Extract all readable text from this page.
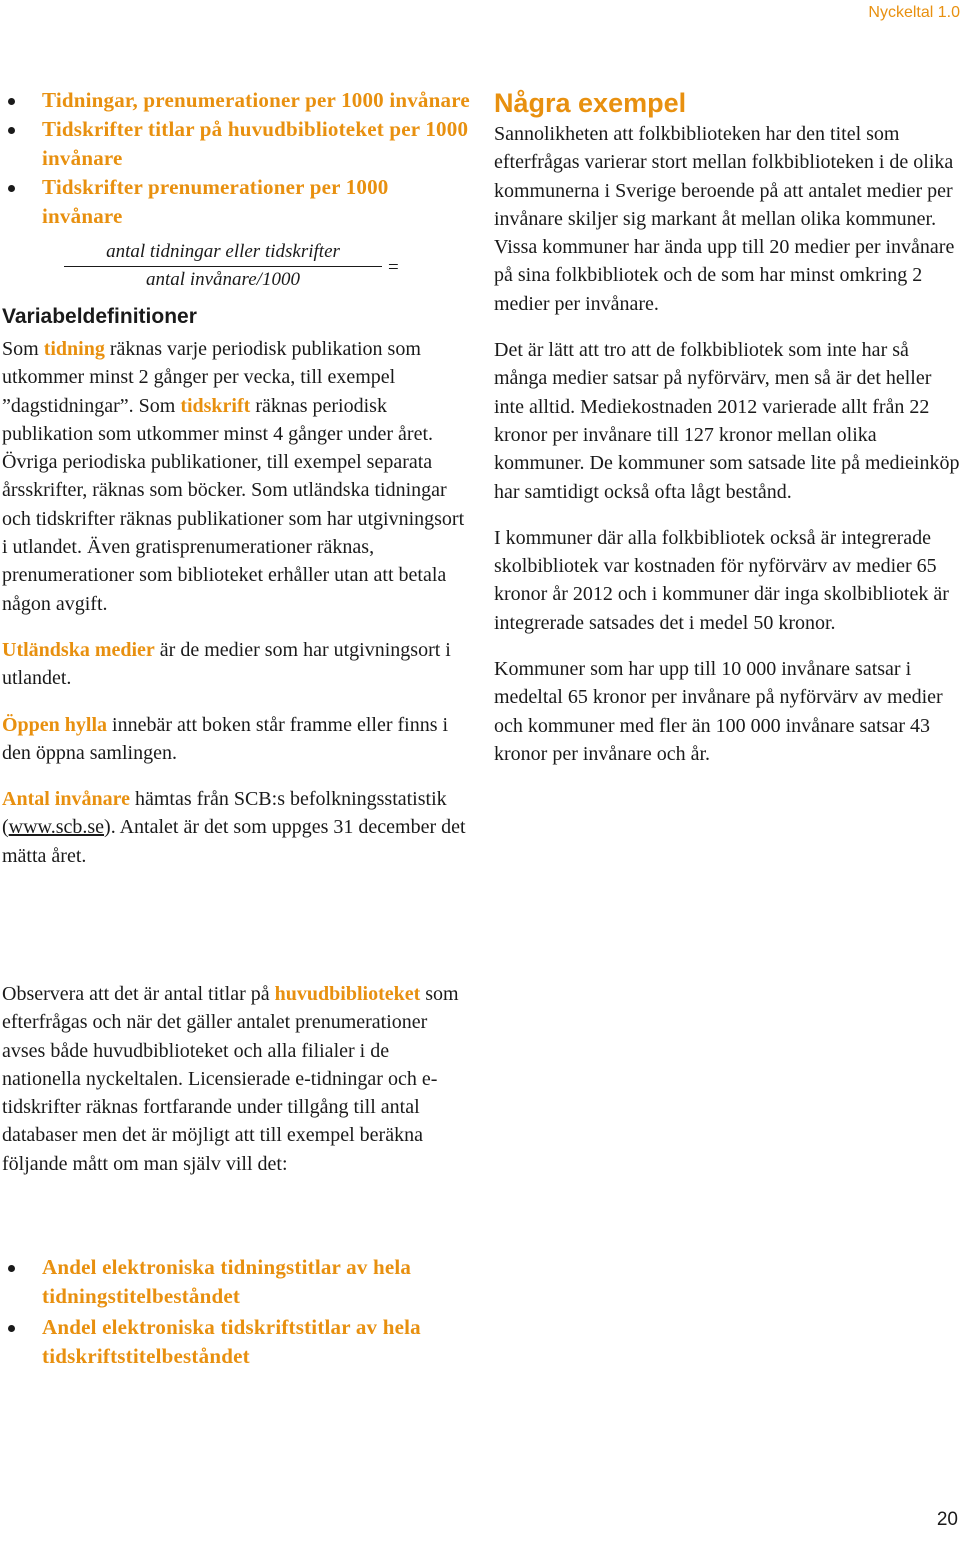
Nyckeltal 1.0
Tidningar, prenumerationer per 1000 invånare
Tidskrifter titlar på huvudbiblioteket per 1000 invånare
Tidskrifter prenumerationer per 1000 invånare
$\frac{\text{antal tidningar eller tidskrifter}}{\text{antal invånare/1000}}$ =
Variabeldefinitioner

Som tidning räknas varje periodisk publikation som utkommer minst 2 gånger per vecka, till exempel ”dagstidningar”. Som tidskrift räknas periodisk publikation som utkommer minst 4 gånger under året. Övriga periodiska publikationer, till exempel separata årsskrifter, räknas som böcker. Som utländska tidningar och tidskrifter räknas publikationer som har utgivningsort i utlandet. Även gratisprenumerationer räknas, prenumerationer som biblioteket erhåller utan att betala någon avgift.

Utländska medier är de medier som har utgivningsort i utlandet.

Öppen hylla innebär att boken står framme eller finns i den öppna samlingen.

Antal invånare hämtas från SCB:s befolkningsstatistik (www.scb.se). Antalet är det som uppges 31 december det mätta året.

Några exempel

Sannolikheten att folkbiblioteken har den titel som efterfrågas varierar stort mellan folkbiblioteken i de olika kommunerna i Sverige beroende på att antalet medier per invånare skiljer sig markant åt mellan olika kommuner. Vissa kommuner har ända upp till 20 medier per invånare på sina folkbibliotek och de som har minst omkring 2 medier per invånare.

Det är lätt att tro att de folkbibliotek som inte har så många medier satsar på nyförvärv, men så är det heller inte alltid. Mediekostnaden 2012 varierade allt från 22 kronor per invånare till 127 kronor mellan olika kommuner. De kommuner som satsade lite på medieinköp har samtidigt också ofta lågt bestånd.

I kommuner där alla folkbibliotek också är integrerade skolbibliotek var kostnaden för nyförvärv av medier 65 kronor år 2012 och i kommuner där inga skolbibliotek är integrerade satsades det i medel 50 kronor.

Kommuner som har upp till 10 000 invånare satsar i medeltal 65 kronor per invånare på nyförvärv av medier och kommuner med fler än 100 000 invånare satsar 43 kronor per invånare och år.

Observera att det är antal titlar på huvudbiblioteket som efterfrågas och när det gäller antalet prenumerationer avses både huvudbiblioteket och alla filialer i de nationella nyckeltalen. Licensierade e-tidningar och e-tidskrifter räknas fortfarande under tillgång till antal databaser men det är möjligt att till exempel beräkna följande mått om man själv vill det:

Andel elektroniska tidningstitlar av hela tidningstitelbeståndet
Andel elektroniska tidskriftstitlar av hela tidskriftstitelbeståndet
20
